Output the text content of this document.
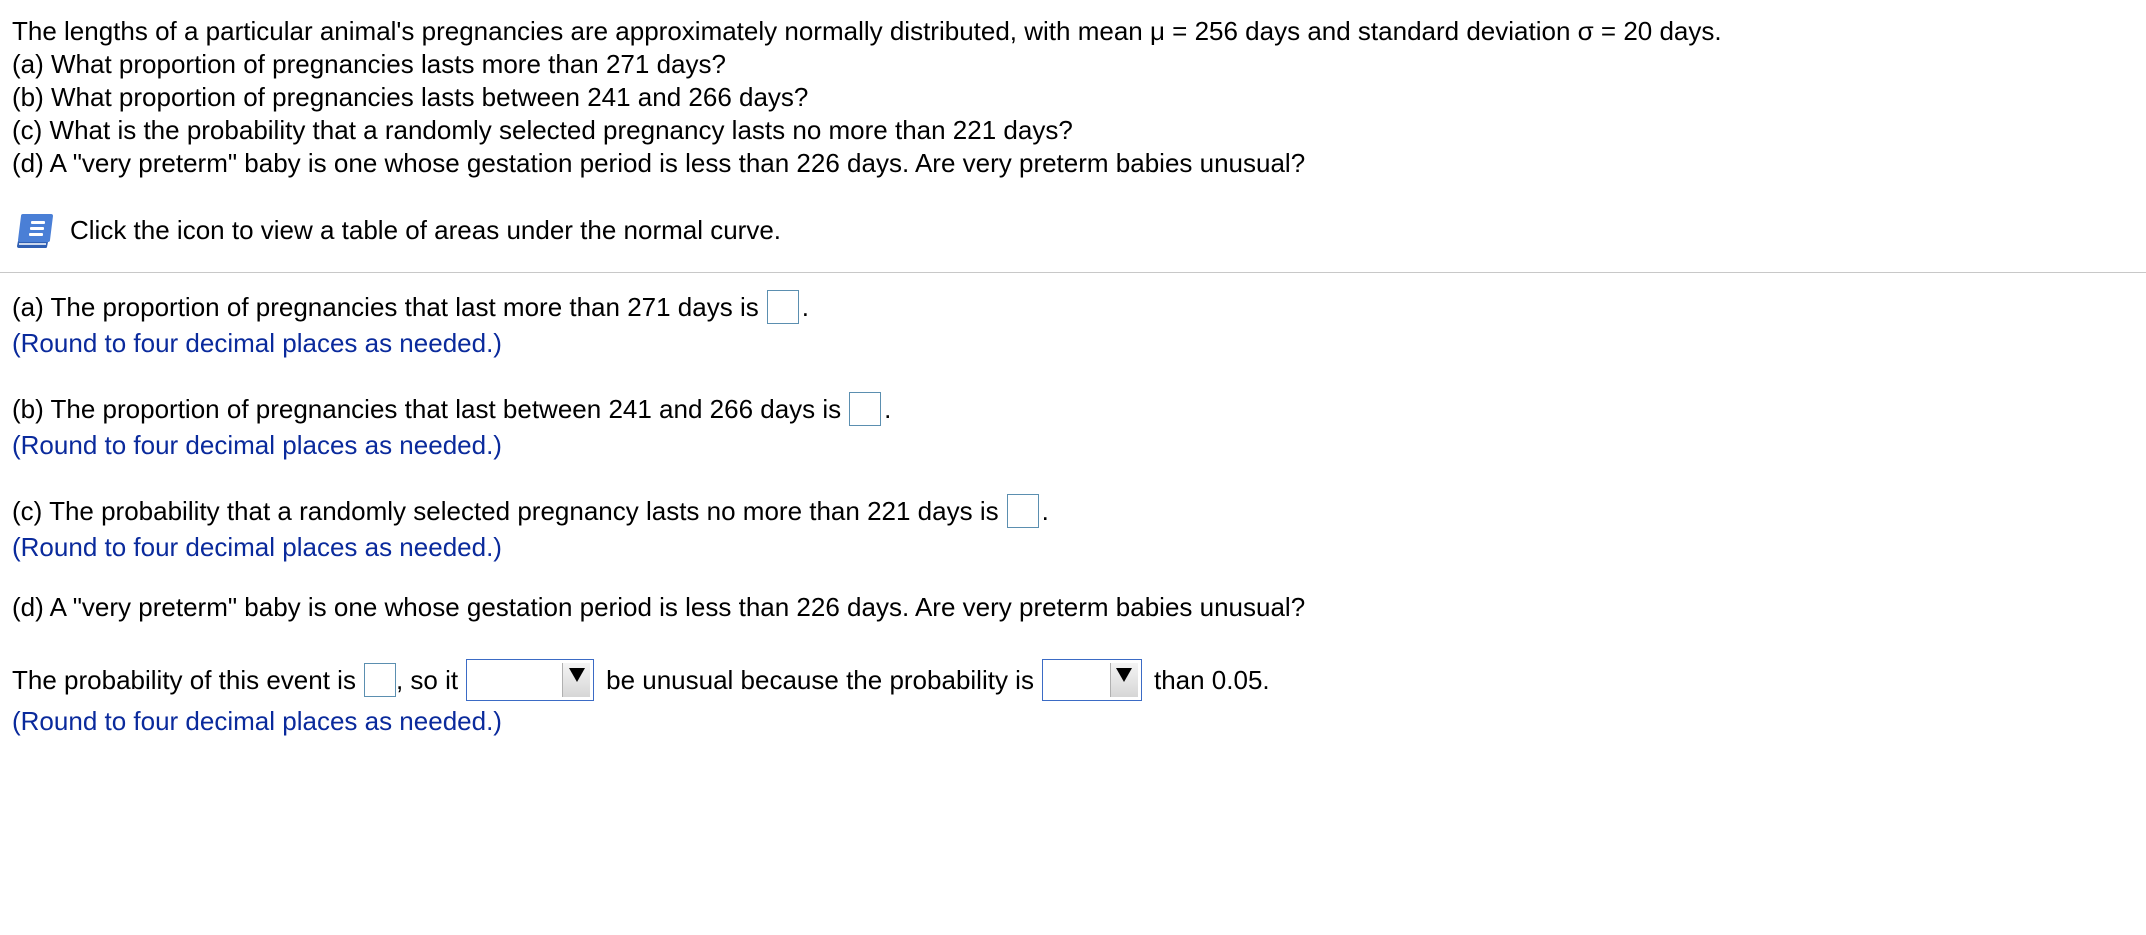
The lengths of a particular animal's pregnancies are approximately normally distributed, with mean μ = 256 days and standard deviation σ = 20 days.
(a) What proportion of pregnancies lasts more than 271 days?
(b) What proportion of pregnancies lasts between 241 and 266 days?
(c) What is the probability that a randomly selected pregnancy lasts no more than 221 days?
(d) A "very preterm" baby is one whose gestation period is less than 226 days. Are very preterm babies unusual?
Click the icon to view a table of areas under the normal curve.
(a) The proportion of pregnancies that last more than 271 days is .
(Round to four decimal places as needed.)
(b) The proportion of pregnancies that last between 241 and 266 days is .
(Round to four decimal places as needed.)
(c) The probability that a randomly selected pregnancy lasts no more than 221 days is .
(Round to four decimal places as needed.)
(d) A "very preterm" baby is one whose gestation period is less than 226 days. Are very preterm babies unusual?
The probability of this event is , so it	be unusual because the probability is	than 0.05.
(Round to four decimal places as needed.)
